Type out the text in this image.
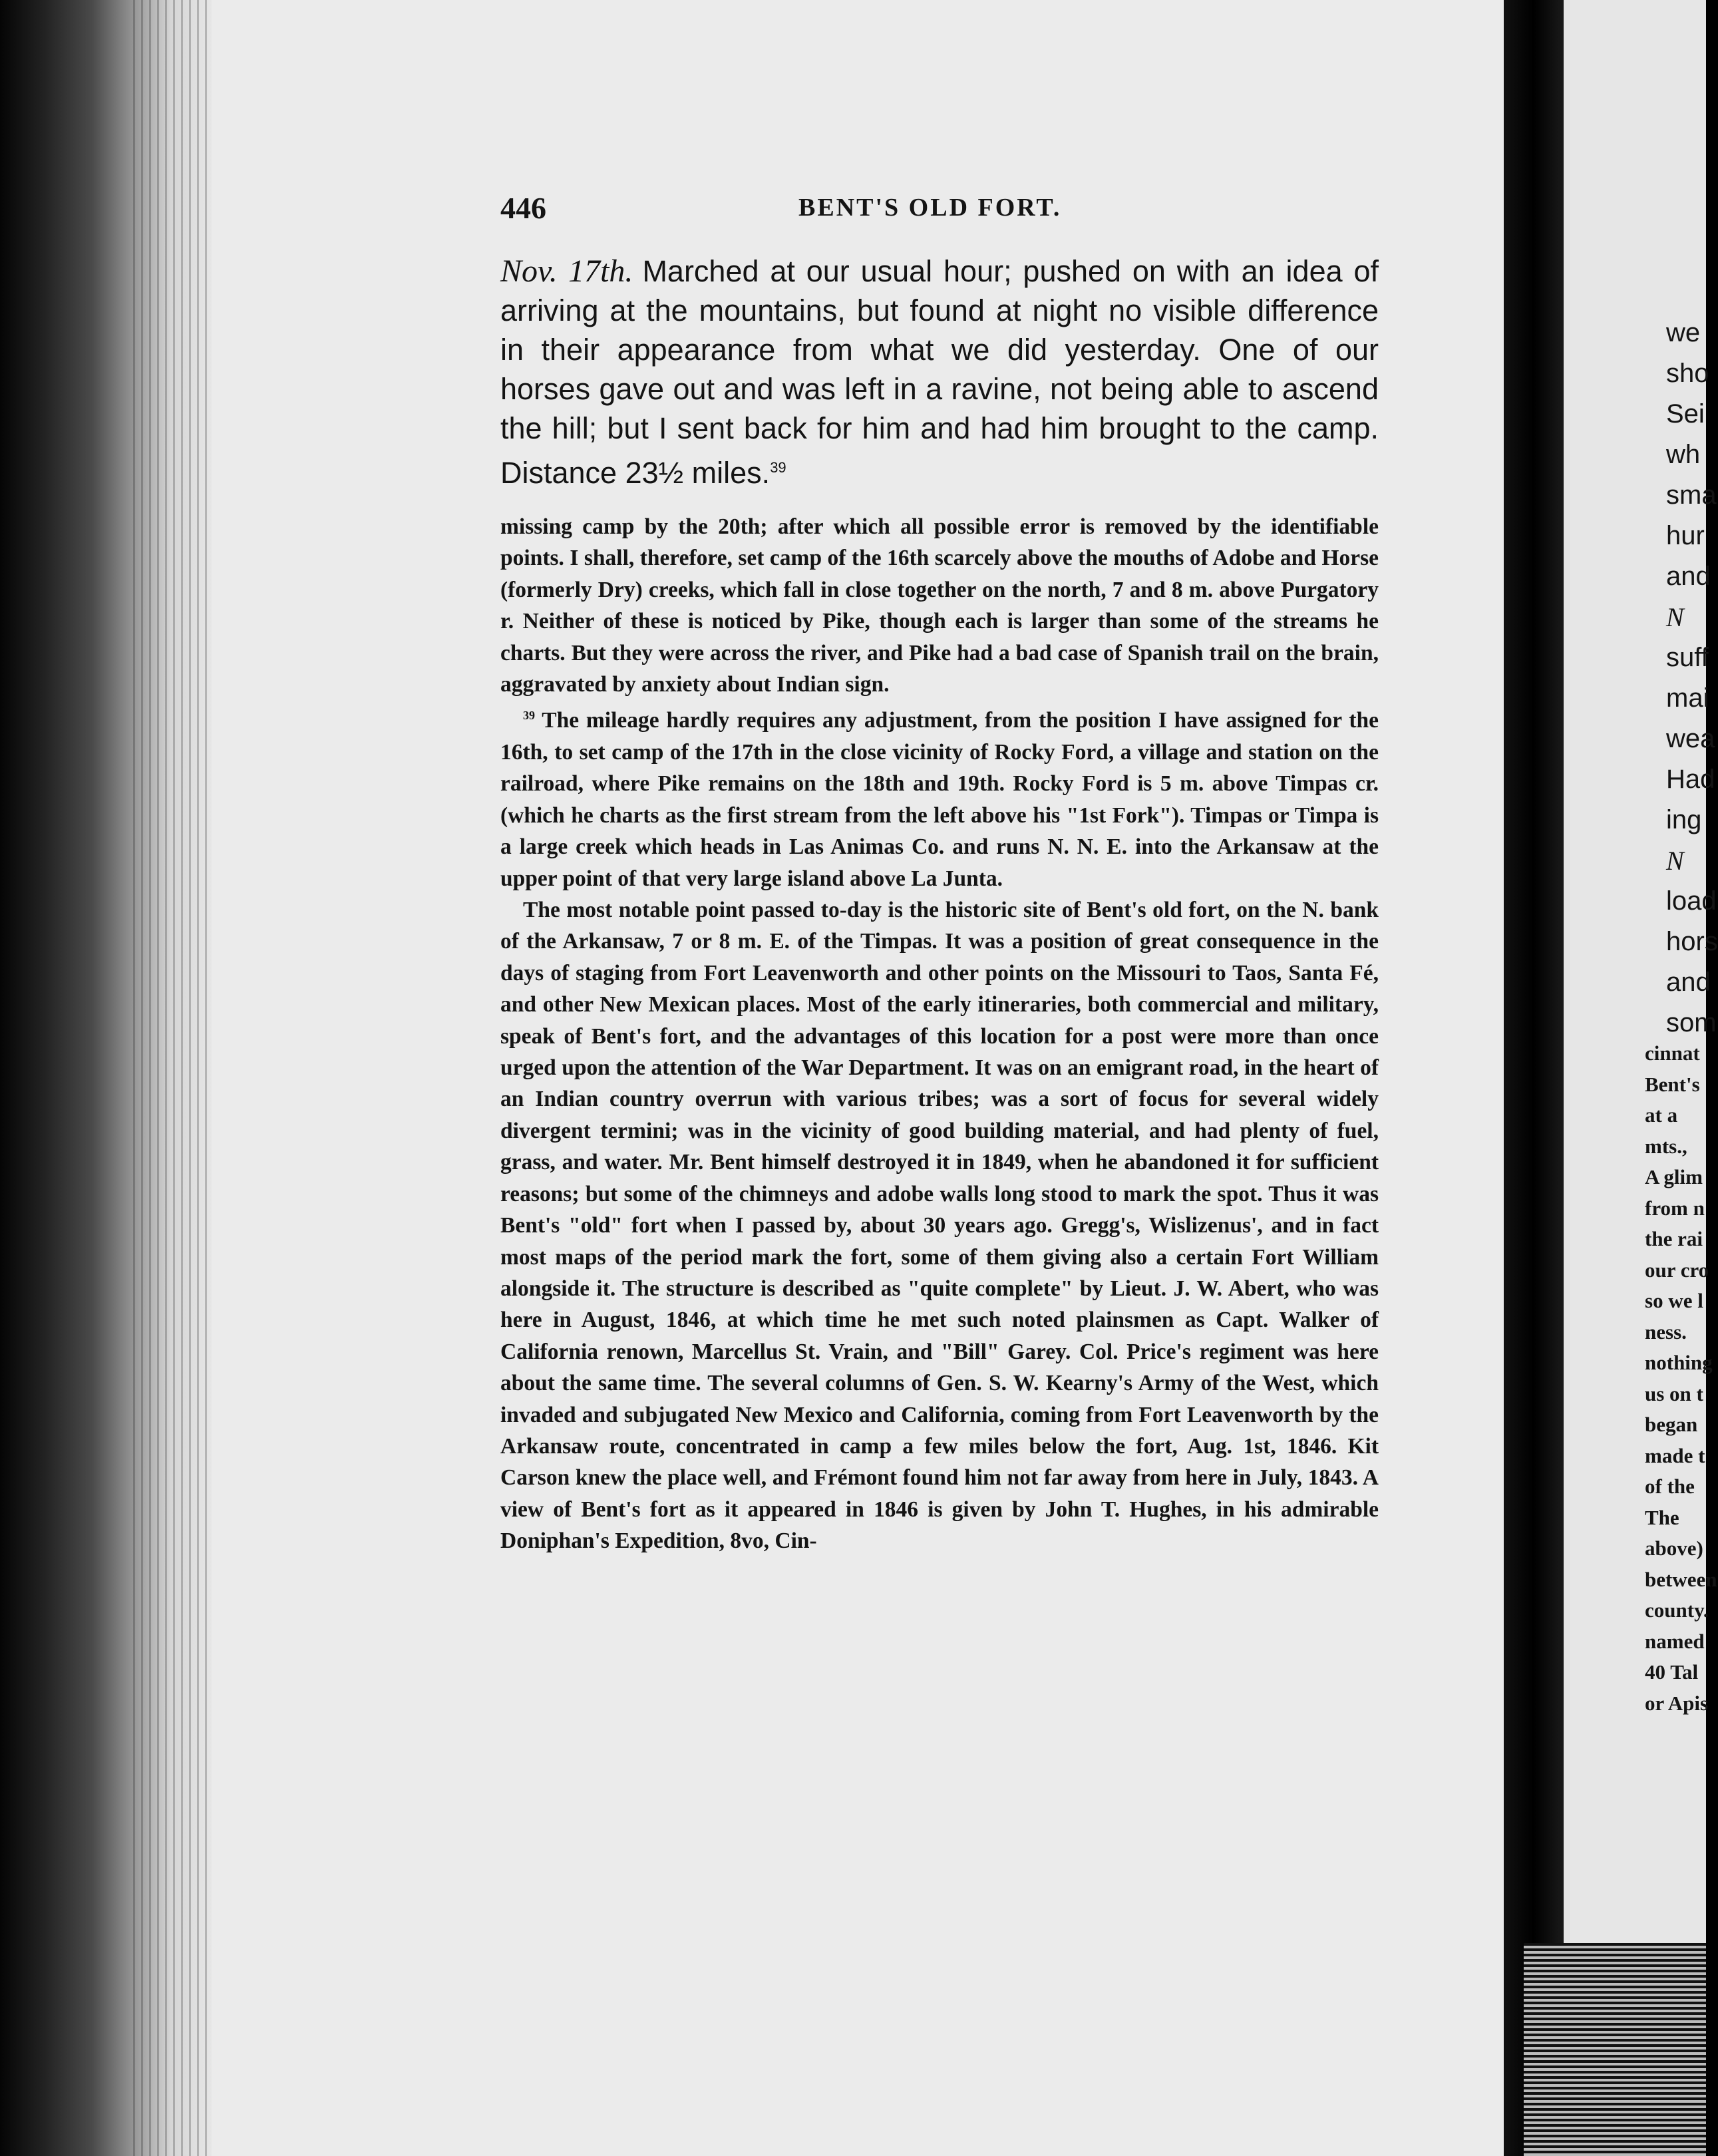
446	BENT'S OLD FORT.
Nov. 17th. Marched at our usual hour; pushed on with an idea of arriving at the mountains, but found at night no visible difference in their appearance from what we did yesterday. One of our horses gave out and was left in a ravine, not being able to ascend the hill; but I sent back for him and had him brought to the camp. Distance 23½ miles.$^{39}$

missing camp by the 20th; after which all possible error is removed by the identifiable points. I shall, therefore, set camp of the 16th scarcely above the mouths of Adobe and Horse (formerly Dry) creeks, which fall in close together on the north, 7 and 8 m. above Purgatory r. Neither of these is noticed by Pike, though each is larger than some of the streams he charts. But they were across the river, and Pike had a bad case of Spanish trail on the brain, aggravated by anxiety about Indian sign.

$^{39}$ The mileage hardly requires any adjustment, from the position I have assigned for the 16th, to set camp of the 17th in the close vicinity of Rocky Ford, a village and station on the railroad, where Pike remains on the 18th and 19th. Rocky Ford is 5 m. above Timpas cr. (which he charts as the first stream from the left above his "1st Fork"). Timpas or Timpa is a large creek which heads in Las Animas Co. and runs N. N. E. into the Arkansaw at the upper point of that very large island above La Junta.

The most notable point passed to-day is the historic site of Bent's old fort, on the N. bank of the Arkansaw, 7 or 8 m. E. of the Timpas. It was a position of great consequence in the days of staging from Fort Leavenworth and other points on the Missouri to Taos, Santa Fé, and other New Mexican places. Most of the early itineraries, both commercial and military, speak of Bent's fort, and the advantages of this location for a post were more than once urged upon the attention of the War Department. It was on an emigrant road, in the heart of an Indian country overrun with various tribes; was a sort of focus for several widely divergent termini; was in the vicinity of good building material, and had plenty of fuel, grass, and water. Mr. Bent himself destroyed it in 1849, when he abandoned it for sufficient reasons; but some of the chimneys and adobe walls long stood to mark the spot. Thus it was Bent's "old" fort when I passed by, about 30 years ago. Gregg's, Wislizenus', and in fact most maps of the period mark the fort, some of them giving also a certain Fort William alongside it. The structure is described as "quite complete" by Lieut. J. W. Abert, who was here in August, 1846, at which time he met such noted plainsmen as Capt. Walker of California renown, Marcellus St. Vrain, and "Bill" Garey. Col. Price's regiment was here about the same time. The several columns of Gen. S. W. Kearny's Army of the West, which invaded and subjugated New Mexico and California, coming from Fort Leavenworth by the Arkansaw route, concentrated in camp a few miles below the fort, Aug. 1st, 1846. Kit Carson knew the place well, and Frémont found him not far away from here in July, 1843. A view of Bent's fort as it appeared in 1846 is given by John T. Hughes, in his admirable Doniphan's Expedition, 8vo, Cin-

we
sho
Sei
wh
sma
hur
and
N
suff
mai
wea
Had
ing
N
load
hors
and
som
cinnat
Bent's
at a
mts.,
A glim
from n
the rai
our cro
so we l
ness.
nothing
us on t
began
made t
of the
The
above)
between
county.
named
40 Tal
or Apis
